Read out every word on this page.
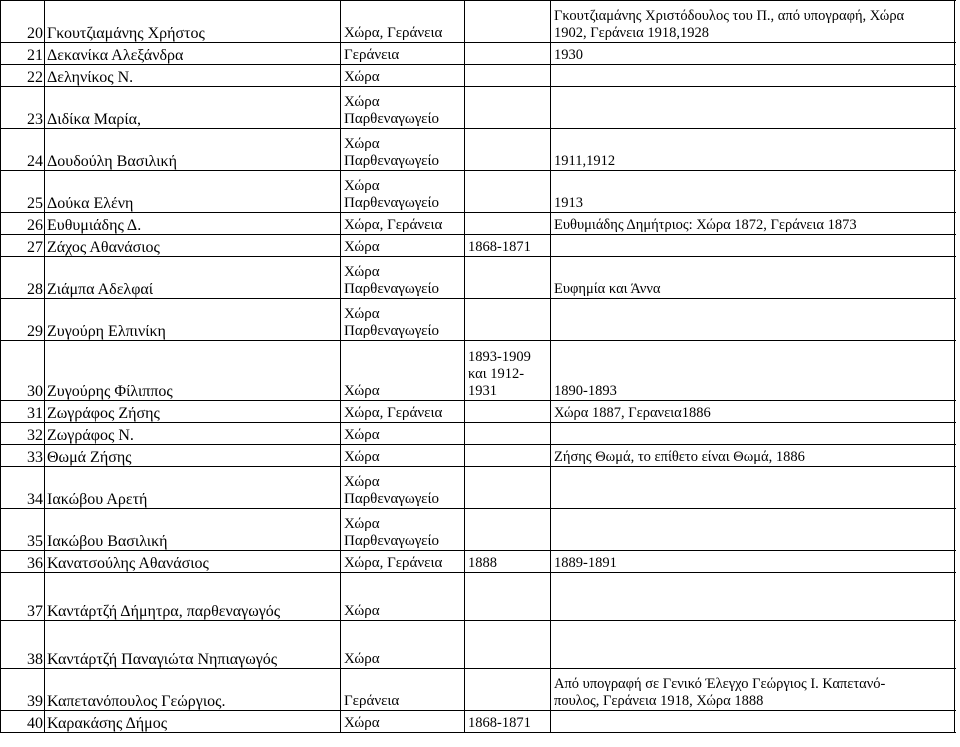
20	Γκουτζιαμάνης Χρήστος	Χώρα, Γεράνεια		Γκουτζιαμάνης Χριστόδουλος του Π., από υπογραφή, Χώρα
1902, Γεράνεια 1918,1928	

21	Δεκανίκα Αλεξάνδρα	Γεράνεια		1930	

22	Δεληνίκος Ν.	Χώρα			

23	Διδίκα Μαρία,	Χώρα
Παρθεναγωγείο			

24	Δουδούλη Βασιλική	Χώρα
Παρθεναγωγείο		1911,1912	

25	Δούκα Ελένη	Χώρα
Παρθεναγωγείο		1913	

26	Ευθυμιάδης Δ.	Χώρα, Γεράνεια		Ευθυμιάδης Δημήτριος: Χώρα 1872, Γεράνεια 1873	

27	Ζάχος Αθανάσιος	Χώρα	1868-1871		

28	Ζιάμπα Αδελφαί	Χώρα
Παρθεναγωγείο		Ευφημία και Άννα	

29	Ζυγούρη Ελπινίκη	Χώρα
Παρθεναγωγείο			

30	Ζυγούρης Φίλιππος	Χώρα	1893-1909
και 1912-
1931	1890-1893	

31	Ζωγράφος Ζήσης	Χώρα, Γεράνεια		Χώρα 1887, Γερανεια1886	

32	Ζωγράφος Ν.	Χώρα			

33	Θωμά Ζήσης	Χώρα		Ζήσης Θωμά, το επίθετο είναι Θωμά, 1886	

34	Ιακώβου Αρετή	Χώρα
Παρθεναγωγείο			

35	Ιακώβου Βασιλική	Χώρα
Παρθεναγωγείο			

36	Κανατσούλης Αθανάσιος	Χώρα, Γεράνεια	1888	1889-1891	

37	Καντάρτζή Δήμητρα, παρθεναγωγός	Χώρα			

38	Καντάρτζή Παναγιώτα Νηπιαγωγός	Χώρα			

39	Καπετανόπουλος Γεώργιος.	Γεράνεια		Από υπογραφή σε Γενικό Έλεγχο Γεώργιος Ι. Καπετανό-
πουλος, Γεράνεια 1918, Χώρα 1888	

40	Καρακάσης Δήμος	Χώρα	1868-1871		
